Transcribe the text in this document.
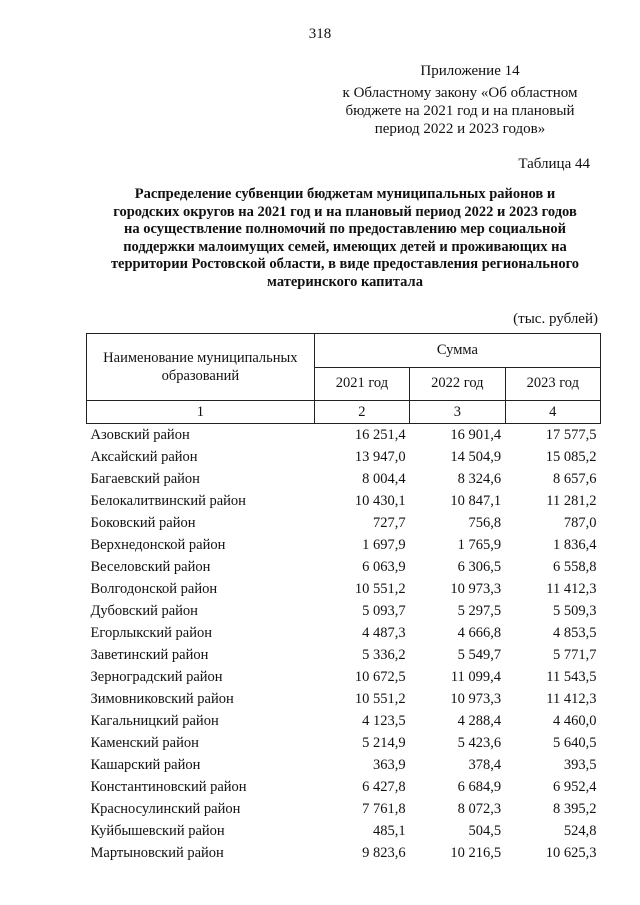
318
Приложение 14
к Областному закону «Об областном
бюджете на 2021 год и на плановый
период 2022 и 2023 годов»
Таблица 44
Распределение субвенции бюджетам муниципальных районов и
городских округов на 2021 год и на плановый период 2022 и 2023 годов
на осуществление полномочий по предоставлению мер социальной
поддержки малоимущих семей, имеющих детей и проживающих на
территории Ростовской области, в виде предоставления регионального
материнского капитала
(тыс. рублей)
Наименование муниципальных
образований	Сумма		
	2021 год	2022 год	2023 год
1	2	3	4
Азовский район	16 251,4	16 901,4	17 577,5
Аксайский район	13 947,0	14 504,9	15 085,2
Багаевский район	8 004,4	8 324,6	8 657,6
Белокалитвинский район	10 430,1	10 847,1	11 281,2
Боковский район	727,7	756,8	787,0
Верхнедонской район	1 697,9	1 765,9	1 836,4
Веселовский район	6 063,9	6 306,5	6 558,8
Волгодонской район	10 551,2	10 973,3	11 412,3
Дубовский район	5 093,7	5 297,5	5 509,3
Егорлыкский район	4 487,3	4 666,8	4 853,5
Заветинский район	5 336,2	5 549,7	5 771,7
Зерноградский район	10 672,5	11 099,4	11 543,5
Зимовниковский район	10 551,2	10 973,3	11 412,3
Кагальницкий район	4 123,5	4 288,4	4 460,0
Каменский район	5 214,9	5 423,6	5 640,5
Кашарский район	363,9	378,4	393,5
Константиновский район	6 427,8	6 684,9	6 952,4
Красносулинский район	7 761,8	8 072,3	8 395,2
Куйбышевский район	485,1	504,5	524,8
Мартыновский район	9 823,6	10 216,5	10 625,3
